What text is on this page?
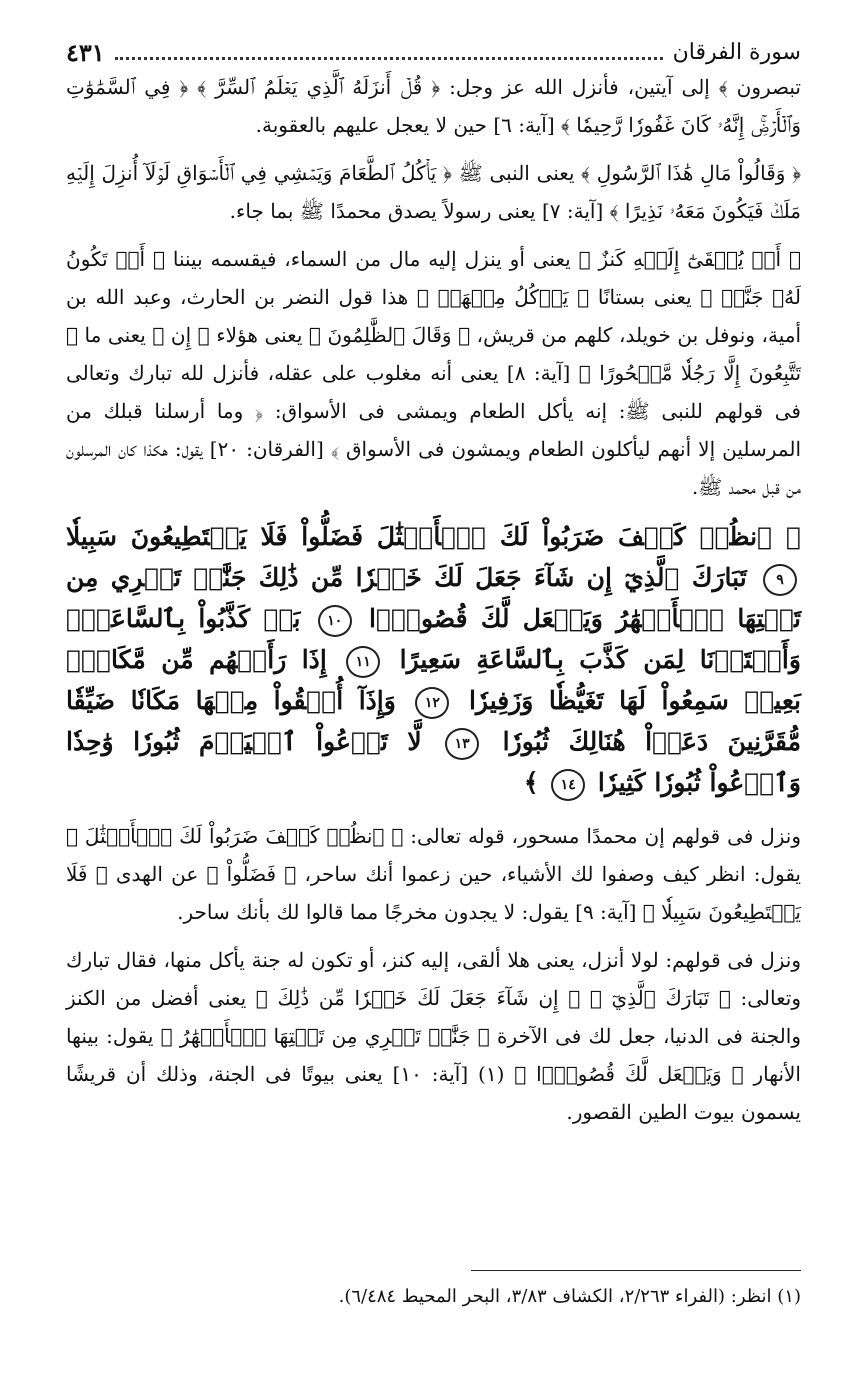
سورة الفرقان
٤٣١

تبصرون ﴾ إلى آيتين، فأنزل الله عز وجل: ﴿ قُلۡ أَنزَلَهُ ٱلَّذِي يَعۡلَمُ ٱلسِّرَّ ﴾ ﴿ فِي ٱلسَّمَٰوَٰتِ وَٱلۡأَرۡضِۚ إِنَّهُۥ كَانَ غَفُورٗا رَّحِيمٗا ﴾ [آية: ٦] حين لا يعجل عليهم بالعقوبة.

﴿ وَقَالُواْ مَالِ هَٰذَا ٱلرَّسُولِ ﴾ يعنى النبى ﷺ ﴿ يَأۡكُلُ ٱلطَّعَامَ وَيَمۡشِي فِي ٱلۡأَسۡوَاقِ لَوۡلَآ أُنزِلَ إِلَيۡهِ مَلَكٞ فَيَكُونَ مَعَهُۥ نَذِيرًا ﴾ [آية: ٧] يعنى رسولاً يصدق محمدًا ﷺ بما جاء.

﴿ أَوۡ يُلۡقَىٰٓ إِلَيۡهِ كَنزٌ ﴾ يعنى أو ينزل إليه مال من السماء، فيقسمه بيننا ﴿ أَوۡ تَكُونُ لَهُۥ جَنَّةٞ ﴾ يعنى بستانًا ﴿ يَأۡكُلُ مِنۡهَاۚ ﴾ هذا قول النضر بن الحارث، وعبد الله بن أمية، ونوفل بن خويلد، كلهم من قريش، ﴿ وَقَالَ ٱلظَّٰلِمُونَ ﴾ يعنى هؤلاء ﴿ إِن ﴾ يعنى ما ﴿ تَتَّبِعُونَ إِلَّا رَجُلٗا مَّسۡحُورًا ﴾ [آية: ٨] يعنى أنه مغلوب على عقله، فأنزل لله تبارك وتعالى فى قولهم للنبى ﷺ: إنه يأكل الطعام ويمشى فى الأسواق: ﴿ وما أرسلنا قبلك من المرسلين إلا أنهم ليأكلون الطعام ويمشون فى الأسواق ﴾ [الفرقان: ٢٠] يقول: هكذا كان المرسلون من قبل محمد ﷺ.

﴿ ٱنظُرۡ كَيۡفَ ضَرَبُواْ لَكَ ٱلۡأَمۡثَٰلَ فَضَلُّواْ فَلَا يَسۡتَطِيعُونَ سَبِيلٗا ٩ تَبَارَكَ ٱلَّذِيٓ إِن شَآءَ جَعَلَ لَكَ خَيۡرٗا مِّن ذَٰلِكَ جَنَّٰتٖ تَجۡرِي مِن تَحۡتِهَا ٱلۡأَنۡهَٰرُ وَيَجۡعَل لَّكَ قُصُورَۢا ١٠ بَلۡ كَذَّبُواْ بِٱلسَّاعَةِۖ وَأَعۡتَدۡنَا لِمَن كَذَّبَ بِٱلسَّاعَةِ سَعِيرًا ١١ إِذَا رَأَتۡهُم مِّن مَّكَانِۭ بَعِيدٖ سَمِعُواْ لَهَا تَغَيُّظٗا وَزَفِيرٗا ١٢ وَإِذَآ أُلۡقُواْ مِنۡهَا مَكَانٗا ضَيِّقٗا مُّقَرَّنِينَ دَعَوۡاْ هُنَالِكَ ثُبُورٗا ١٣ لَّا تَدۡعُواْ ٱلۡيَوۡمَ ثُبُورٗا وَٰحِدٗا وَٱدۡعُواْ ثُبُورٗا كَثِيرٗا ١٤ ﴾

ونزل فى قولهم إن محمدًا مسحور، قوله تعالى: ﴿ ٱنظُرۡ كَيۡفَ ضَرَبُواْ لَكَ ٱلۡأَمۡثَٰلَ ﴾ يقول: انظر كيف وصفوا لك الأشياء، حين زعموا أنك ساحر، ﴿ فَضَلُّواْ ﴾ عن الهدى ﴿ فَلَا يَسۡتَطِيعُونَ سَبِيلٗا ﴾ [آية: ٩] يقول: لا يجدون مخرجًا مما قالوا لك بأنك ساحر.

ونزل فى قولهم: لولا أنزل، يعنى هلا ألقى، إليه كنز، أو تكون له جنة يأكل منها، فقال تبارك وتعالى: ﴿ تَبَارَكَ ٱلَّذِيٓ ﴾ ﴿ إِن شَآءَ جَعَلَ لَكَ خَيۡرٗا مِّن ذَٰلِكَ ﴾ يعنى أفضل من الكنز والجنة فى الدنيا، جعل لك فى الآخرة ﴿ جَنَّٰتٖ تَجۡرِي مِن تَحۡتِهَا ٱلۡأَنۡهَٰرُ ﴾ يقول: بينها الأنهار ﴿ وَيَجۡعَل لَّكَ قُصُورَۢا ﴾ (١) [آية: ١٠] يعنى بيوتًا فى الجنة، وذلك أن قريشًا يسمون بيوت الطين القصور.

(١) انظر: (الفراء ٢/٢٦٣، الكشاف ٣/٨٣، البحر المحيط ٦/٤٨٤).
